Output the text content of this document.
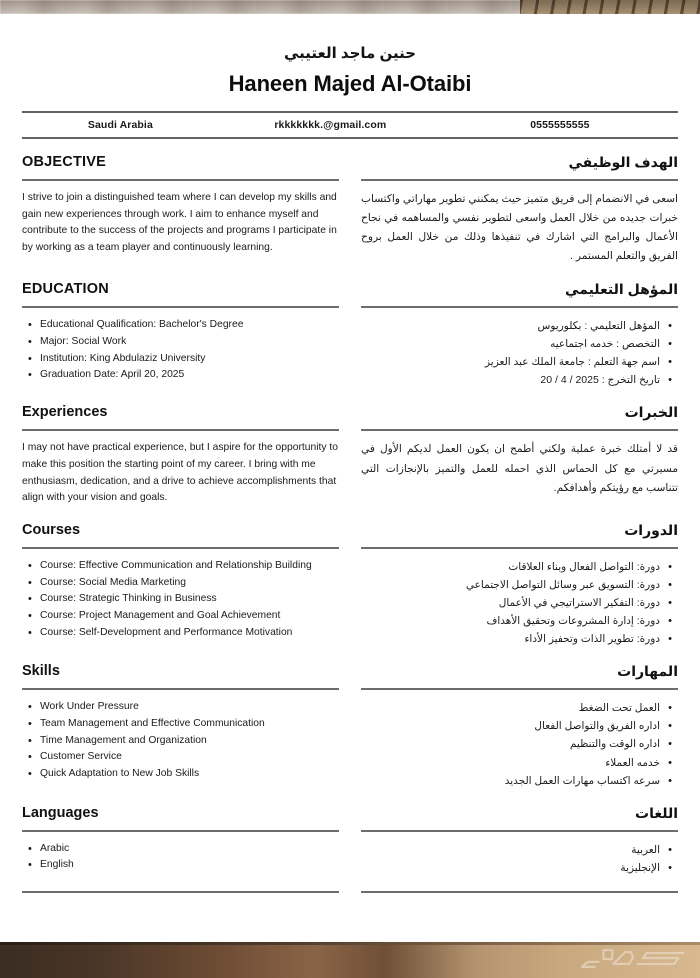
حنين ماجد العتيبي
Haneen Majed Al-Otaibi
Saudi Arabia	rkkkkkkk.@gmail.com	0555555555
OBJECTIVE
I strive to join a distinguished team where I can develop my skills and gain new experiences through work. I aim to enhance myself and contribute to the success of the projects and programs I participate in by working as a team player and continuously learning.
الهدف الوظيفي
اسعى في الانضمام إلى فريق متميز حيث يمكنني تطوير مهاراتي واكتساب خبرات جديده من خلال العمل واسعى لتطوير نفسي والمساهمه في نجاح الأعمال والبرامج التي اشارك في تنفيذها وذلك من خلال العمل بروح الفريق والتعلم المستمر .
EDUCATION
• Educational Qualification: Bachelor's Degree
• Major: Social Work
• Institution: King Abdulaziz University
• Graduation Date: April 20, 2025
المؤهل التعليمي
• المؤهل التعليمي : بكلوريوس
• التخصص : خدمه اجتماعيه
• اسم جهة التعلم : جامعة الملك عبد العزيز
• تاريخ التخرج : 2025 / 4 / 20
Experiences
I may not have practical experience, but I aspire for the opportunity to make this position the starting point of my career. I bring with me enthusiasm, dedication, and a drive to achieve accomplishments that align with your vision and goals.
الخبرات
قد لا أمتلك خبرة عملية ولكني أطمح ان يكون العمل لديكم الأول في مسيرتي مع كل الحماس الذي احمله للعمل والتميز بالإنجازات التي تتناسب مع رؤيتكم وأهدافكم.
Courses
• Course: Effective Communication and Relationship Building
• Course: Social Media Marketing
• Course: Strategic Thinking in Business
• Course: Project Management and Goal Achievement
• Course: Self-Development and Performance Motivation
الدورات
• دورة: التواصل الفعال وبناء العلاقات
• دورة: التسويق عبر وسائل التواصل الاجتماعي
• دورة: التفكير الاستراتيجي في الأعمال
• دورة: إدارة المشروعات وتحقيق الأهداف
• دورة: تطوير الذات وتحفيز الأداء
Skills
• Work Under Pressure
• Team Management and Effective Communication
• Time Management and Organization
• Customer Service
• Quick Adaptation to New Job Skills
المهارات
• العمل تحت الضغط
• اداره الفريق والتواصل الفعال
• اداره الوقت والتنظيم
• خدمه العملاء
• سرعه اكتساب مهارات العمل الجديد
Languages
• Arabic
• English
اللغات
• العربية
• الإنجليزية
